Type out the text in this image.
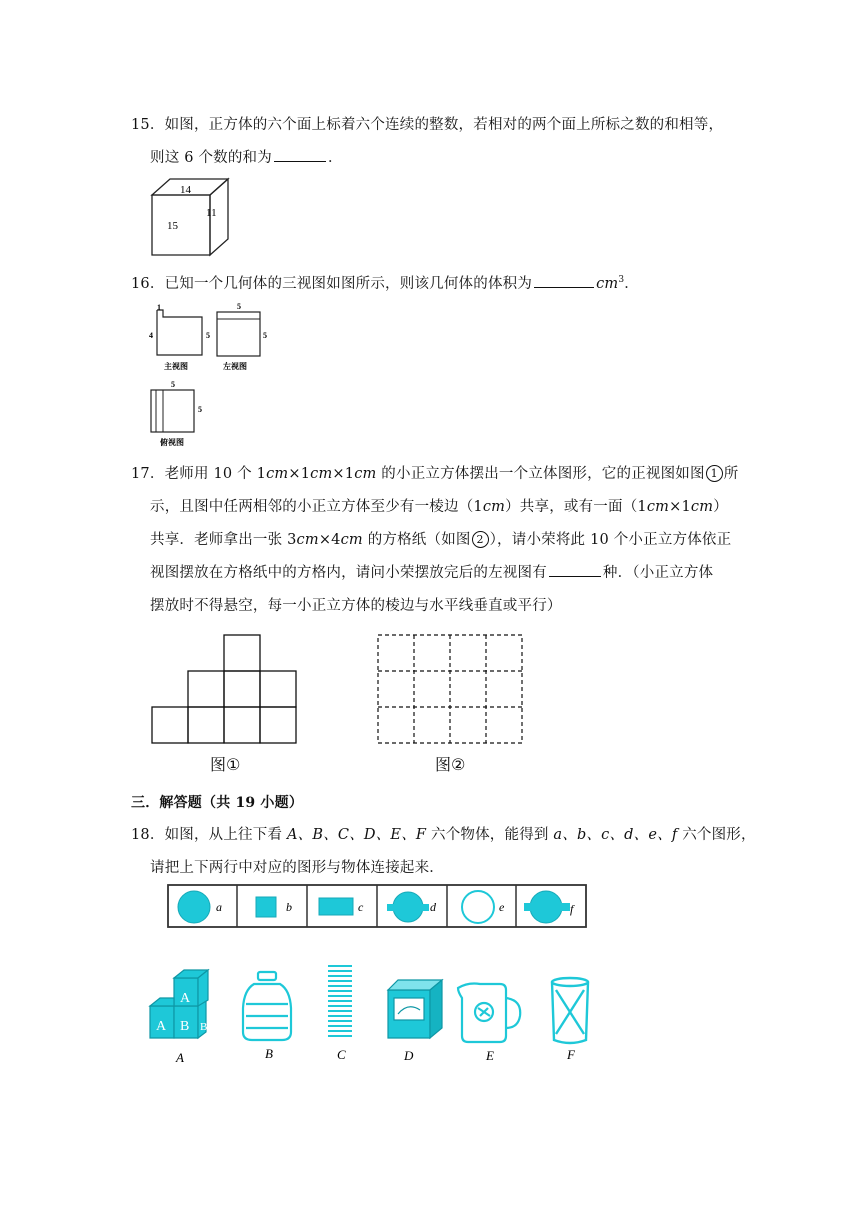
15．如图，正方体的六个面上标着六个连续的整数，若相对的两个面上所标之数的和相等，
则这 6 个数的和为	．
14
15
11
16．已知一个几何体的三视图如图所示，则该几何体的体积为	$cm^3$．
1
4	5
主视图
5
5
左视图
5
5
俯视图
17．老师用 10 个 1cm×1cm×1cm 的小正立方体摆出一个立体图形，它的正视图如图 1 所
示，且图中任两相邻的小正立方体至少有一棱边（1cm）共享，或有一面（1cm×1cm）
共享．老师拿出一张 3cm×4cm 的方格纸（如图 2 ），请小荣将此 10 个小正立方体依正
视图摆放在方格纸中的方格内，请问小荣摆放完后的左视图有	种．（小正立方体
摆放时不得悬空，每一小正立方体的棱边与水平线垂直或平行）
图①	图②
三．解答题（共 19 小题）
18．如图，从上往下看 A、B、C、D、E、F 六个物体，能得到 a、b、c、d、e、f 六个图形，
请把上下两行中对应的图形与物体连接起来．
a	b	c	d	e	f
A B
A
B
A	B	C	D	E	F
